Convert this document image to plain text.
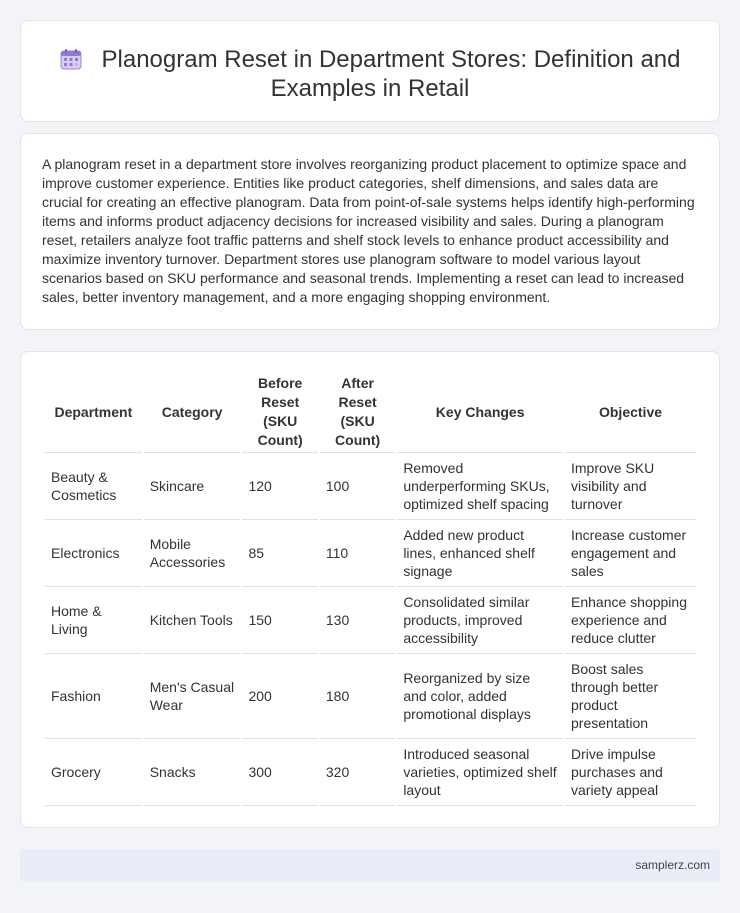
Planogram Reset in Department Stores: Definition and Examples in Retail

A planogram reset in a department store involves reorganizing product placement to optimize space and improve customer experience. Entities like product categories, shelf dimensions, and sales data are crucial for creating an effective planogram. Data from point-of-sale systems helps identify high-performing items and informs product adjacency decisions for increased visibility and sales. During a planogram reset, retailers analyze foot traffic patterns and shelf stock levels to enhance product accessibility and maximize inventory turnover. Department stores use planogram software to model various layout scenarios based on SKU performance and seasonal trends. Implementing a reset can lead to increased sales, better inventory management, and a more engaging shopping environment.

Department	Category	Before Reset (SKU Count)	After Reset (SKU Count)	Key Changes	Objective
Beauty & Cosmetics	Skincare	120	100	Removed underperforming SKUs, optimized shelf spacing	Improve SKU visibility and turnover
Electronics	Mobile Accessories	85	110	Added new product lines, enhanced shelf signage	Increase customer engagement and sales
Home & Living	Kitchen Tools	150	130	Consolidated similar products, improved accessibility	Enhance shopping experience and reduce clutter
Fashion	Men's Casual Wear	200	180	Reorganized by size and color, added promotional displays	Boost sales through better product presentation
Grocery	Snacks	300	320	Introduced seasonal varieties, optimized shelf layout	Drive impulse purchases and variety appeal
samplerz.com
